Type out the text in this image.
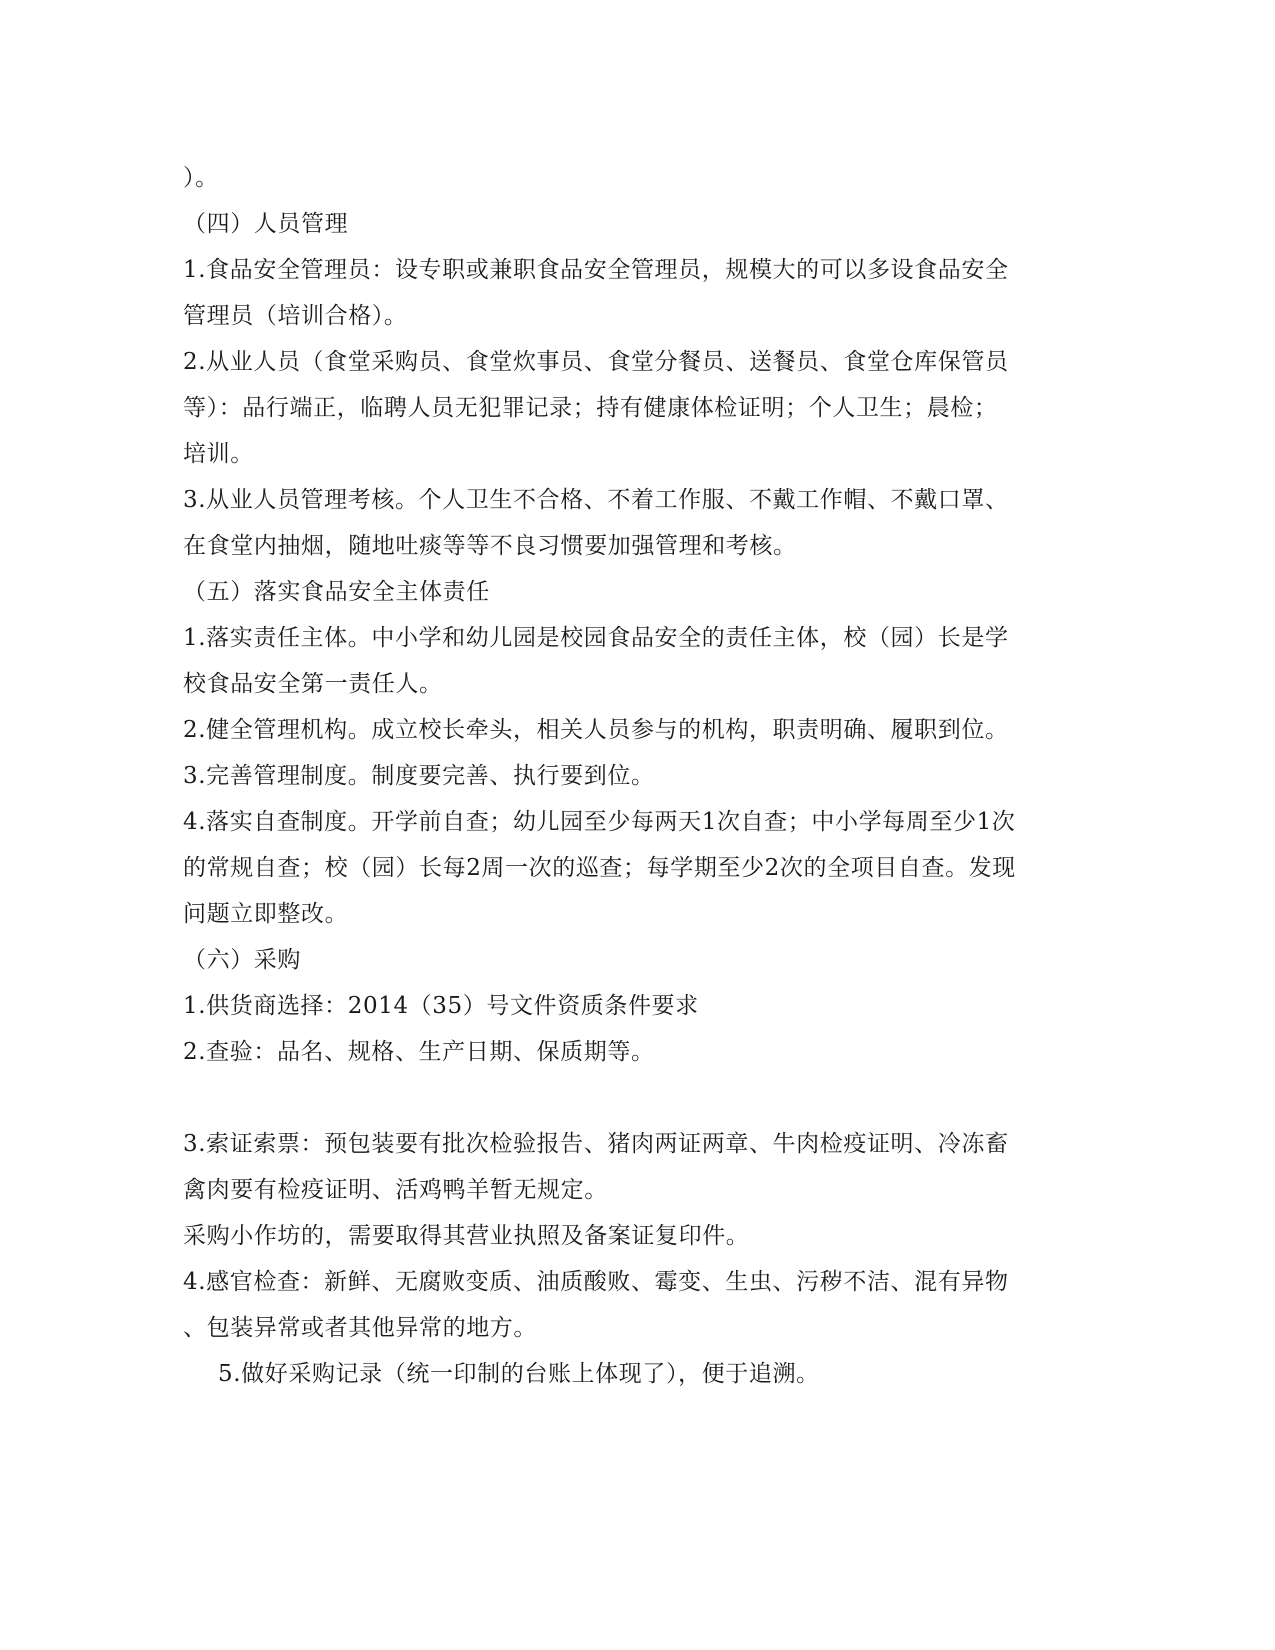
）。
（四）人员管理
1.食品安全管理员：设专职或兼职食品安全管理员，规模大的可以多设食品安全
管理员（培训合格）。
2.从业人员（食堂采购员、食堂炊事员、食堂分餐员、送餐员、食堂仓库保管员
等）：品行端正，临聘人员无犯罪记录；持有健康体检证明；个人卫生；晨检；
培训。
3.从业人员管理考核。个人卫生不合格、不着工作服、不戴工作帽、不戴口罩、
在食堂内抽烟，随地吐痰等等不良习惯要加强管理和考核。
（五）落实食品安全主体责任
1.落实责任主体。中小学和幼儿园是校园食品安全的责任主体，校（园）长是学
校食品安全第一责任人。
2.健全管理机构。成立校长牵头，相关人员参与的机构，职责明确、履职到位。
3.完善管理制度。制度要完善、执行要到位。
4.落实自查制度。开学前自查；幼儿园至少每两天1次自查；中小学每周至少1次
的常规自查；校（园）长每2周一次的巡查；每学期至少2次的全项目自查。发现
问题立即整改。
（六）采购
1.供货商选择：2014（35）号文件资质条件要求
2.查验：品名、规格、生产日期、保质期等。
3.索证索票：预包装要有批次检验报告、猪肉两证两章、牛肉检疫证明、冷冻畜
禽肉要有检疫证明、活鸡鸭羊暂无规定。
采购小作坊的，需要取得其营业执照及备案证复印件。
4.感官检查：新鲜、无腐败变质、油质酸败、霉变、生虫、污秽不洁、混有异物
、包装异常或者其他异常的地方。
5.做好采购记录（统一印制的台账上体现了），便于追溯。
